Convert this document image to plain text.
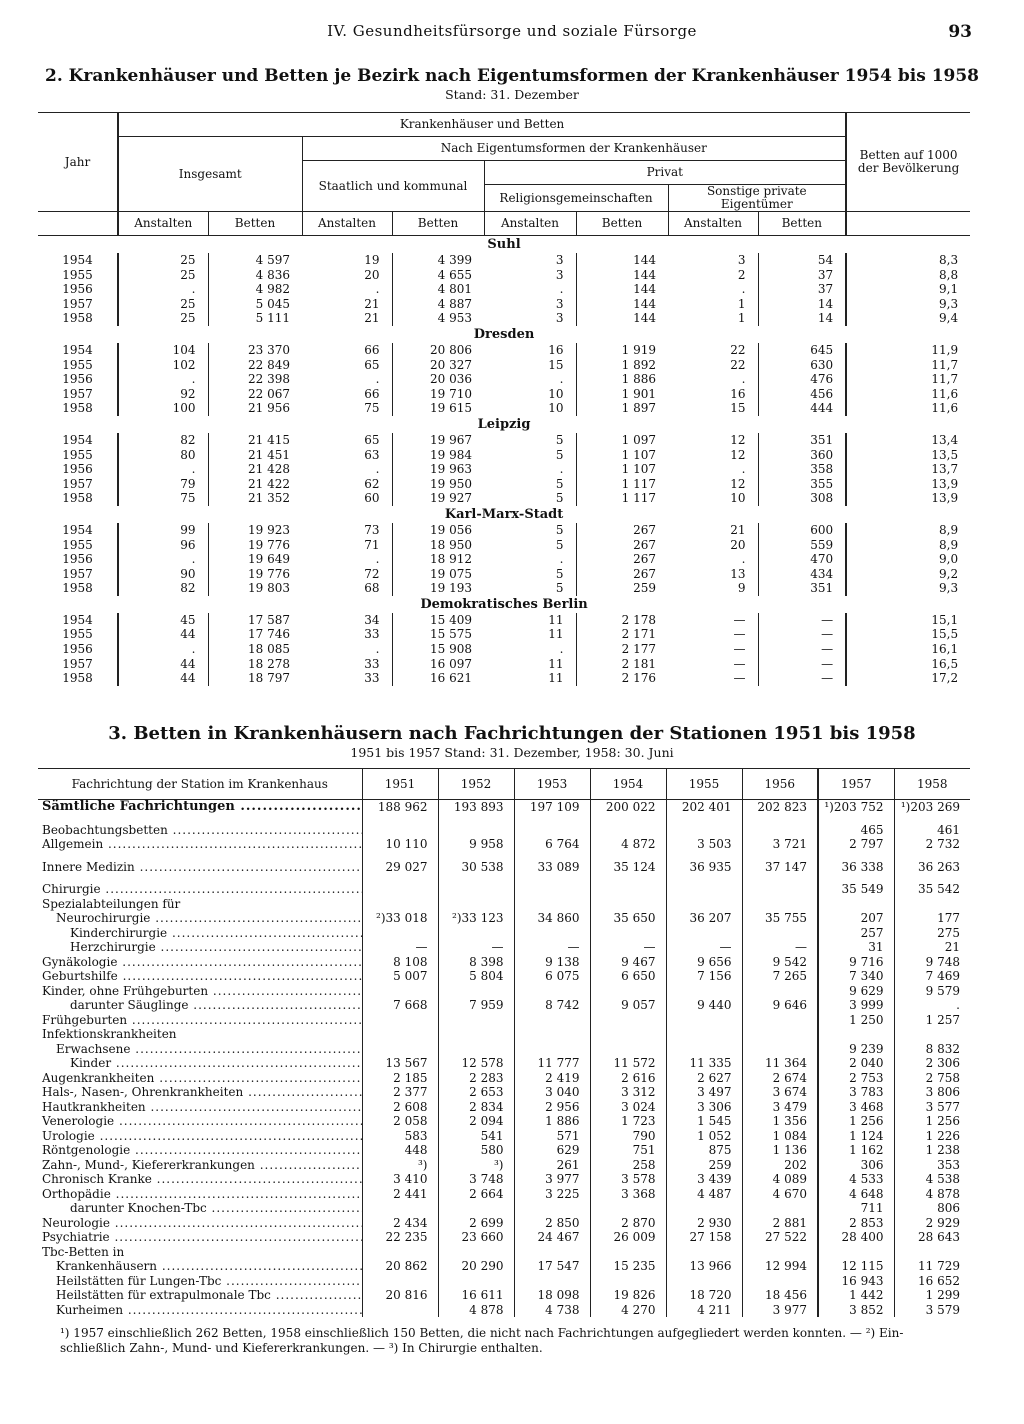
IV. Gesundheitsfürsorge und soziale Fürsorge	93
2. Krankenhäuser und Betten je Bezirk nach Eigentumsformen der Krankenhäuser 1954 bis 1958
Stand: 31. Dezember
Jahr	Krankenhäuser und Betten								Betten auf 1000 der Bevölkerung
	Insgesamt		Nach Eigentumsformen der Krankenhäuser						
			Staatlich und kommunal		Privat				
					Religionsgemeinschaften		Sonstige private Eigentümer		
	Anstalten	Betten	Anstalten	Betten	Anstalten	Betten	Anstalten	Betten	
Suhl									
1954	25	4 597	19	4 399	3	144	3	54	8,3
1955	25	4 836	20	4 655	3	144	2	37	8,8
1956	.	4 982	.	4 801	.	144	.	37	9,1
1957	25	5 045	21	4 887	3	144	1	14	9,3
1958	25	5 111	21	4 953	3	144	1	14	9,4
Dresden									
1954	104	23 370	66	20 806	16	1 919	22	645	11,9
1955	102	22 849	65	20 327	15	1 892	22	630	11,7
1956	.	22 398	.	20 036	.	1 886	.	476	11,7
1957	92	22 067	66	19 710	10	1 901	16	456	11,6
1958	100	21 956	75	19 615	10	1 897	15	444	11,6
Leipzig									
1954	82	21 415	65	19 967	5	1 097	12	351	13,4
1955	80	21 451	63	19 984	5	1 107	12	360	13,5
1956	.	21 428	.	19 963	.	1 107	.	358	13,7
1957	79	21 422	62	19 950	5	1 117	12	355	13,9
1958	75	21 352	60	19 927	5	1 117	10	308	13,9
Karl-Marx-Stadt									
1954	99	19 923	73	19 056	5	267	21	600	8,9
1955	96	19 776	71	18 950	5	267	20	559	8,9
1956	.	19 649	.	18 912	.	267	.	470	9,0
1957	90	19 776	72	19 075	5	267	13	434	9,2
1958	82	19 803	68	19 193	5	259	9	351	9,3
Demokratisches Berlin									
1954	45	17 587	34	15 409	11	2 178	—	—	15,1
1955	44	17 746	33	15 575	11	2 171	—	—	15,5
1956	.	18 085	.	15 908	.	2 177	—	—	16,1
1957	44	18 278	33	16 097	11	2 181	—	—	16,5
1958	44	18 797	33	16 621	11	2 176	—	—	17,2
3. Betten in Krankenhäusern nach Fachrichtungen der Stationen 1951 bis 1958
1951 bis 1957 Stand: 31. Dezember, 1958: 30. Juni
Fachrichtung der Station im Krankenhaus	1951	1952	1953	1954	1955	1956	1957	1958
Sämtliche Fachrichtungen .....	188 962	193 893	197 109	200 022	202 401	202 823	¹)203 752	¹)203 269

Beobachtungsbetten .....							465	461
Allgemein .....	10 110	9 958	6 764	4 872	3 503	3 721	2 797	2 732

Innere Medizin .....	29 027	30 538	33 089	35 124	36 935	37 147	36 338	36 263

Chirurgie .....							35 549	35 542
Spezialabteilungen für								
Neurochirurgie .....	²)33 018	²)33 123	34 860	35 650	36 207	35 755	207	177
Kinderchirurgie .....							257	275
Herzchirurgie .....	—	—	—	—	—	—	31	21
Gynäkologie .....	8 108	8 398	9 138	9 467	9 656	9 542	9 716	9 748
Geburtshilfe .....	5 007	5 804	6 075	6 650	7 156	7 265	7 340	7 469
Kinder, ohne Frühgeburten .....							9 629	9 579
darunter Säuglinge .....	7 668	7 959	8 742	9 057	9 440	9 646	3 999	.
Frühgeburten .....							1 250	1 257
Infektionskrankheiten								
Erwachsene .....							9 239	8 832
Kinder .....	13 567	12 578	11 777	11 572	11 335	11 364	2 040	2 306
Augenkrankheiten .....	2 185	2 283	2 419	2 616	2 627	2 674	2 753	2 758
Hals-, Nasen-, Ohrenkrankheiten .....	2 377	2 653	3 040	3 312	3 497	3 674	3 783	3 806
Hautkrankheiten .....	2 608	2 834	2 956	3 024	3 306	3 479	3 468	3 577
Venerologie .....	2 058	2 094	1 886	1 723	1 545	1 356	1 256	1 256
Urologie .....	583	541	571	790	1 052	1 084	1 124	1 226
Röntgenologie .....	448	580	629	751	875	1 136	1 162	1 238
Zahn-, Mund-, Kiefererkrankungen .....	³)	³)	261	258	259	202	306	353
Chronisch Kranke .....	3 410	3 748	3 977	3 578	3 439	4 089	4 533	4 538
Orthopädie .....	2 441	2 664	3 225	3 368	4 487	4 670	4 648	4 878
darunter Knochen-Tbc .....							711	806
Neurologie .....	2 434	2 699	2 850	2 870	2 930	2 881	2 853	2 929
Psychiatrie .....	22 235	23 660	24 467	26 009	27 158	27 522	28 400	28 643
Tbc-Betten in								
Krankenhäusern .....	20 862	20 290	17 547	15 235	13 966	12 994	12 115	11 729
Heilstätten für Lungen-Tbc .....							16 943	16 652
Heilstätten für extrapulmonale Tbc .....	20 816	16 611	18 098	19 826	18 720	18 456	1 442	1 299
Kurheimen .....		4 878	4 738	4 270	4 211	3 977	3 852	3 579
¹) 1957 einschließlich 262 Betten, 1958 einschließlich 150 Betten, die nicht nach Fachrichtungen aufgegliedert werden konnten. — ²) Ein-
schließlich Zahn-, Mund- und Kiefererkrankungen. — ³) In Chirurgie enthalten.
